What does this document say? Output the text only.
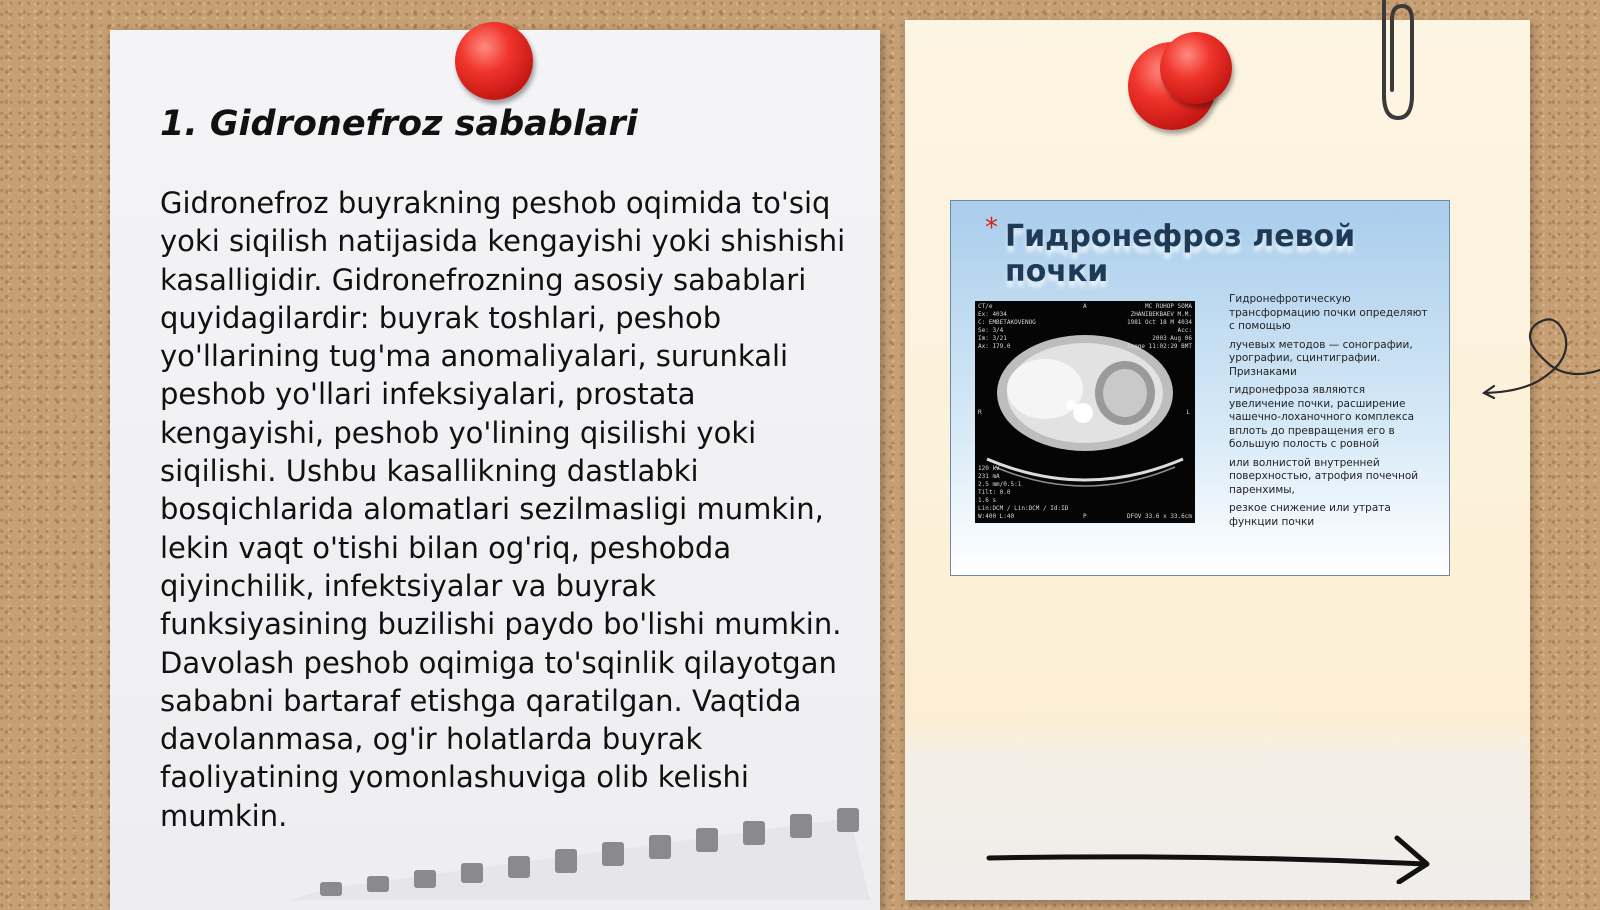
1. Gidronefroz sabablari

Gidronefroz buyrakning peshob oqimida to'siq yoki siqilish natijasida kengayishi yoki shishishi kasalligidir. Gidronefrozning asosiy sabablari quyidagilardir: buyrak toshlari, peshob yo'llarining tug'ma anomaliyalari, surunkali peshob yo'llari infeksiyalari, prostata kengayishi, peshob yo'lining qisilishi yoki siqilishi. Ushbu kasallikning dastlabki bosqichlarida alomatlari sezilmasligi mumkin, lekin vaqt o'tishi bilan og'riq, peshobda qiyinchilik, infektsiyalar va buyrak funksiyasining buzilishi paydo bo'lishi mumkin. Davolash peshob oqimiga to'sqinlik qilayotgan sababni bartaraf etishga qaratilgan. Vaqtida davolanmasa, og'ir holatlarda buyrak faoliyatining yomonlashuviga olib kelishi mumkin.

* Гидронефроз левой почки
CT/e
Ex: 4034
C: EMBETAKOVENOG
Se: 3/4
Im: 3/21
Ax: I79.0
MC RUHOP SOMA
ZHANIBEKBAEV M.M.
1981 Oct 18 M 4034
Acc:
2003 Aug 06
Image 11:02:29 BMT
A
R	L
120 kV
231 mA
2.5 mm/0.5:1
Tilt: 0.0
1.6 s
Lin:DCM / Lin:DCM / Id:ID
W:400 L:40	P	DFOV 33.6 x 33.6cm

Гидронефротическую трансформацию почки определяют с помощью

лучевых методов — сонографии, урографии, сцинтиграфии. Признаками

гидронефроза являются увеличение почки, расширение чашечно-лоханочного комплекса вплоть до превращения его в большую полость с ровной

или волнистой внутренней поверхностью, атрофия почечной паренхимы,

резкое снижение или утрата функции почки
